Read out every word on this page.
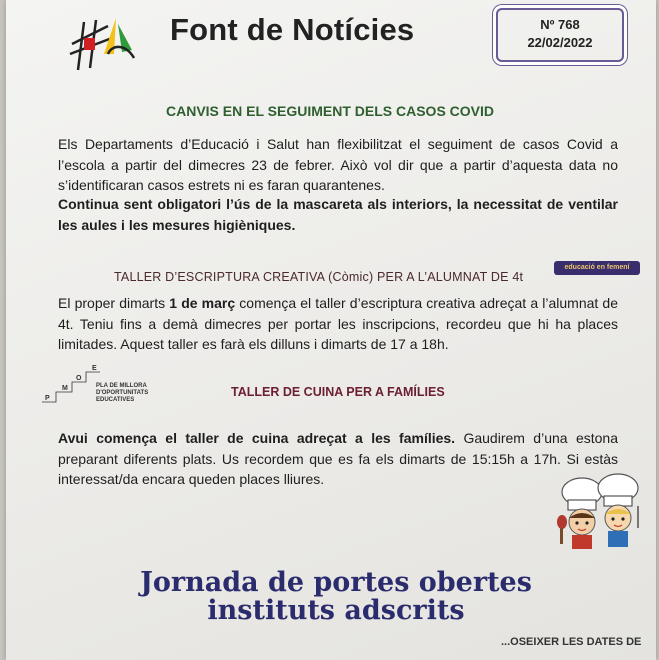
Font de Notícies	Nº 768
22/02/2022
CANVIS EN EL SEGUIMENT DELS CASOS COVID
Els Departaments d’Educació i Salut han flexibilitzat el seguiment de casos Covid a l’escola a partir del dimecres 23 de febrer. Això vol dir que a partir d’aquesta data no s’identificaran casos estrets ni es faran quarantenes.
Continua sent obligatori l’ús de la mascareta als interiors, la necessitat de ventilar les aules i les mesures higièniques.
TALLER D’ESCRIPTURA CREATIVA (Còmic) PER A L’ALUMNAT DE 4t
educació en femení
El proper dimarts 1 de març comença el taller d’escriptura creativa adreçat a l’alumnat de 4t. Teniu fins a demà dimecres per portar les inscripcions, recordeu que hi ha places limitades. Aquest taller es farà els dilluns i dimarts de 17 a 18h.
P
M
O
E
PLA DE MILLORA
D'OPORTUNITATS
EDUCATIVES
TALLER DE CUINA PER A FAMÍLIES
Avui comença el taller de cuina adreçat a les famílies. Gaudirem d’una estona preparant diferents plats. Us recordem que es fa els dimarts de 15:15h a 17h. Si estàs interessat/da encara queden places lliures.
Jornada de portes obertes
instituts adscrits
...OSEIXER LES DATES DE
